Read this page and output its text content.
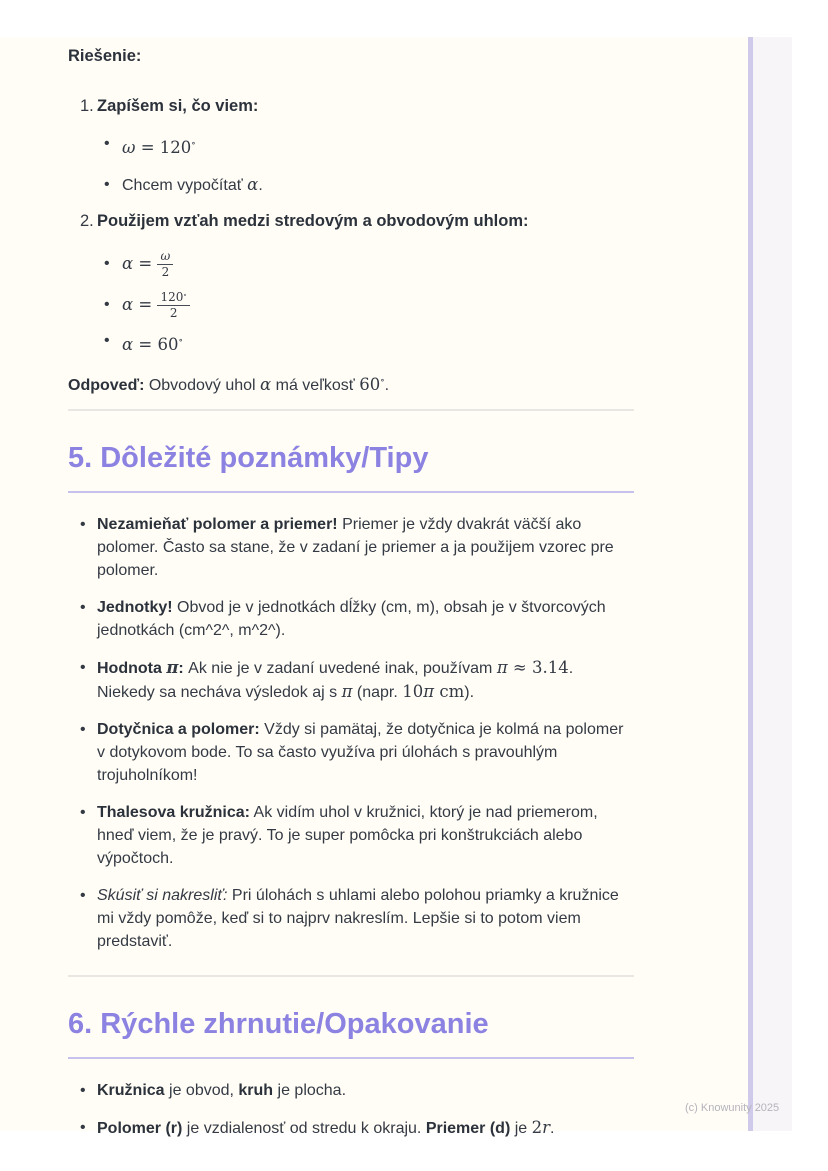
Riešenie:

1. Zapíšem si, čo viem:
• ω = 120∘
• Chcem vypočítať α.
2. Použijem vzťah medzi stredovým a obvodovým uhlom:
• $\alpha = \frac{\omega}{2}$
• $\alpha = \frac{120^\circ}{2}$
• α = 60∘

Odpoveď: Obvodový uhol α má veľkosť 60∘.

5. Dôležité poznámky/Tipy
• Nezamieňať polomer a priemer! Priemer je vždy dvakrát väčší ako polomer. Často sa stane, že v zadaní je priemer a ja použijem vzorec pre polomer.
• Jednotky! Obvod je v jednotkách dĺžky (cm, m), obsah je v štvorcových jednotkách (cm^2^, m^2^).
• Hodnota π: Ak nie je v zadaní uvedené inak, používam π ≈ 3.14. Niekedy sa necháva výsledok aj s π (napr. 10π cm).
• Dotyčnica a polomer: Vždy si pamätaj, že dotyčnica je kolmá na polomer v dotykovom bode. To sa často využíva pri úlohách s pravouhlým trojuholníkom!
• Thalesova kružnica: Ak vidím uhol v kružnici, ktorý je nad priemerom, hneď viem, že je pravý. To je super pomôcka pri konštrukciách alebo výpočtoch.
• Skúsiť si nakresliť: Pri úlohách s uhlami alebo polohou priamky a kružnice mi vždy pomôže, keď si to najprv nakreslím. Lepšie si to potom viem predstaviť.
6. Rýchle zhrnutie/Opakovanie
• Kružnica je obvod, kruh je plocha.
• Polomer (r) je vzdialenosť od stredu k okraju. Priemer (d) je 2r.
(c) Knowunity 2025
